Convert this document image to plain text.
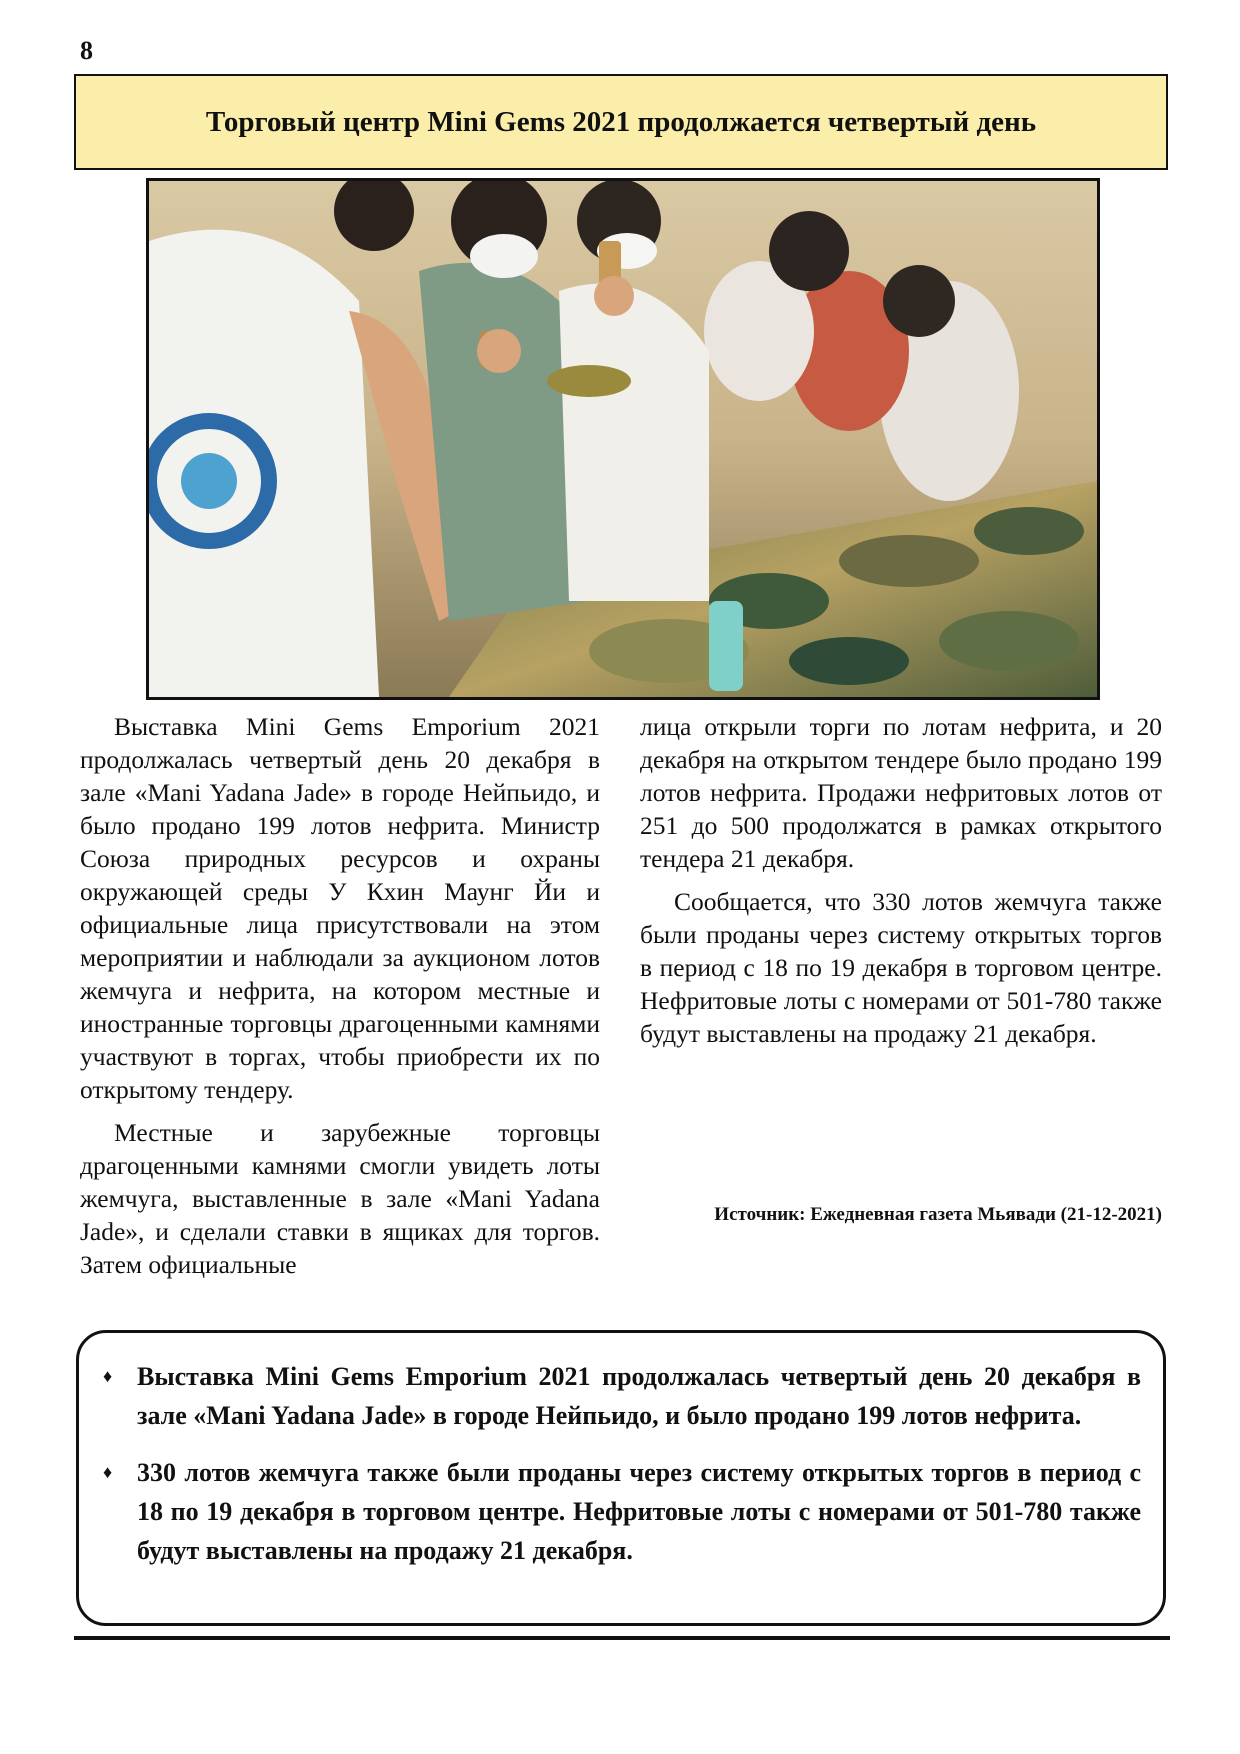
8
Торговый центр Mini Gems 2021 продолжается четвертый день

Выставка Mini Gems Emporium 2021 продолжалась четвертый день 20 декабря в зале «Mani Yadana Jade» в городе Нейпьидо, и было продано 199 лотов нефрита. Министр Союза природных ресурсов и охраны окружающей среды У Кхин Маунг Йи и официальные лица присутствовали на этом мероприятии и наблюдали за аукционом лотов жемчуга и нефрита, на котором местные и иностранные торговцы драгоценными камнями участвуют в торгах, чтобы приобрести их по открытому тендеру.

Местные и зарубежные торговцы драгоценными камнями смогли увидеть лоты жемчуга, выставленные в зале «Mani Yadana Jade», и сделали ставки в ящиках для торгов. Затем официальные

лица открыли торги по лотам нефрита, и 20 декабря на открытом тендере было продано 199 лотов нефрита. Продажи нефритовых лотов от 251 до 500 продолжатся в рамках открытого тендера 21 декабря.

Сообщается, что 330 лотов жемчуга также были проданы через систему открытых торгов в период с 18 по 19 декабря в торговом центре. Нефритовые лоты с номерами от 501-780 также будут выставлены на продажу 21 декабря.

Источник: Ежедневная газета Мьявади (21-12-2021)
♦ Выставка Mini Gems Emporium 2021 продолжалась четвертый день 20 декабря в зале «Mani Yadana Jade» в городе Нейпьидо, и было продано 199 лотов нефрита.
♦ 330 лотов жемчуга также были проданы через систему открытых торгов в период с 18 по 19 декабря в торговом центре. Нефритовые лоты с номерами от 501-780 также будут выставлены на продажу 21 декабря.
